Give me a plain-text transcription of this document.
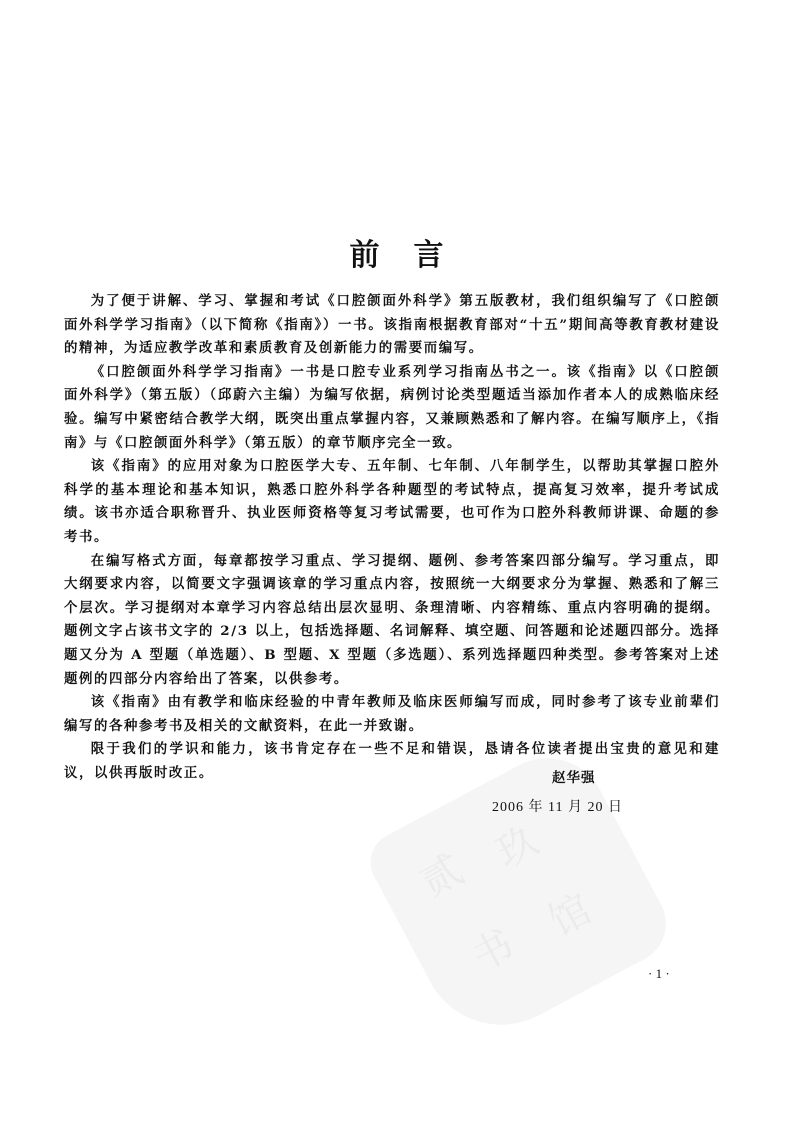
贰 玖
书
馆
前言

为了便于讲解、学习、掌握和考试《口腔颌面外科学》第五版教材，我们组织编写了《口腔颌面外科学学习指南》（以下简称《指南》）一书。该指南根据教育部对“十五”期间高等教育教材建设的精神，为适应教学改革和素质教育及创新能力的需要而编写。

《口腔颌面外科学学习指南》一书是口腔专业系列学习指南丛书之一。该《指南》以《口腔颌面外科学》（第五版）（邱蔚六主编）为编写依据，病例讨论类型题适当添加作者本人的成熟临床经验。编写中紧密结合教学大纲，既突出重点掌握内容，又兼顾熟悉和了解内容。在编写顺序上，《指南》与《口腔颌面外科学》（第五版）的章节顺序完全一致。

该《指南》的应用对象为口腔医学大专、五年制、七年制、八年制学生，以帮助其掌握口腔外科学的基本理论和基本知识，熟悉口腔外科学各种题型的考试特点，提高复习效率，提升考试成绩。该书亦适合职称晋升、执业医师资格等复习考试需要，也可作为口腔外科教师讲课、命题的参考书。

在编写格式方面，每章都按学习重点、学习提纲、题例、参考答案四部分编写。学习重点，即大纲要求内容，以简要文字强调该章的学习重点内容，按照统一大纲要求分为掌握、熟悉和了解三个层次。学习提纲对本章学习内容总结出层次显明、条理清晰、内容精练、重点内容明确的提纲。题例文字占该书文字的 2/3 以上，包括选择题、名词解释、填空题、问答题和论述题四部分。选择题又分为 A 型题（单选题）、B 型题、X 型题（多选题）、系列选择题四种类型。参考答案对上述题例的四部分内容给出了答案，以供参考。

该《指南》由有教学和临床经验的中青年教师及临床医师编写而成，同时参考了该专业前辈们编写的各种参考书及相关的文献资料，在此一并致谢。

限于我们的学识和能力，该书肯定存在一些不足和错误，恳请各位读者提出宝贵的意见和建议，以供再版时改正。	赵华强
2006 年 11 月 20 日
· 1 ·
